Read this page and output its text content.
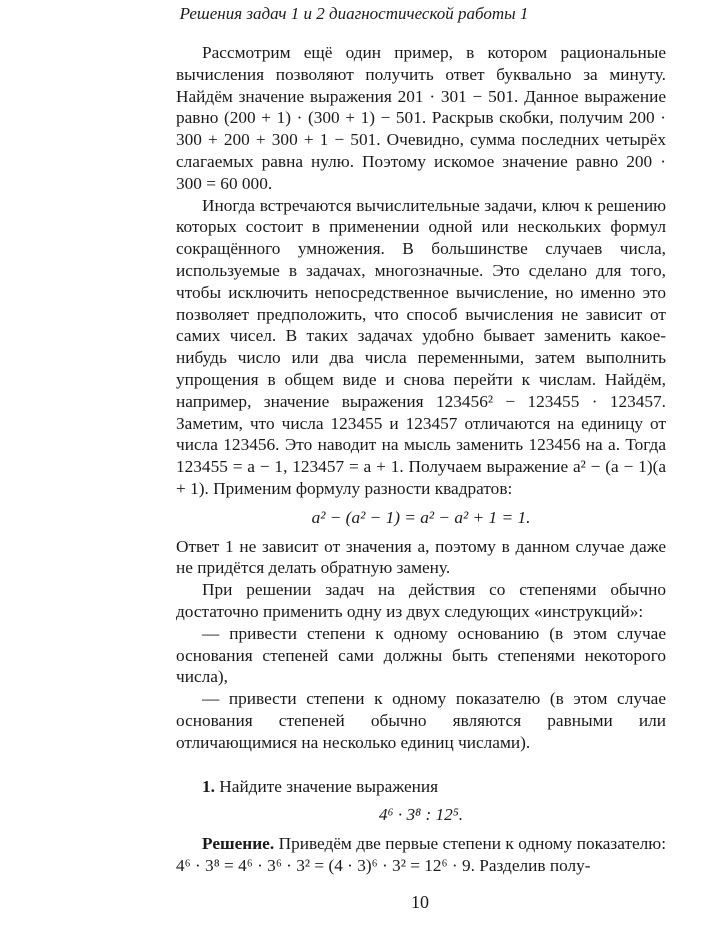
Решения задач 1 и 2 диагностической работы 1

Рассмотрим ещё один пример, в котором рациональные вычисления позволяют получить ответ буквально за минуту. Найдём значение выражения 201 · 301 − 501. Данное выражение равно (200 + 1) · (300 + 1) − 501. Раскрыв скобки, получим 200 · 300 + 200 + 300 + 1 − 501. Очевидно, сумма последних четырёх слагаемых равна нулю. Поэтому искомое значение равно 200 · 300 = 60 000.

Иногда встречаются вычислительные задачи, ключ к решению которых состоит в применении одной или нескольких формул сокращённого умножения. В большинстве случаев числа, используемые в задачах, многозначные. Это сделано для того, чтобы исключить непосредственное вычисление, но именно это позволяет предположить, что способ вычисления не зависит от самих чисел. В таких задачах удобно бывает заменить какое-нибудь число или два числа переменными, затем выполнить упрощения в общем виде и снова перейти к числам. Найдём, например, значение выражения 123456² − 123455 · 123457. Заметим, что числа 123455 и 123457 отличаются на единицу от числа 123456. Это наводит на мысль заменить 123456 на a. Тогда 123455 = a − 1, 123457 = a + 1. Получаем выражение a² − (a − 1)(a + 1). Применим формулу разности квадратов:

a² − (a² − 1) = a² − a² + 1 = 1.

Ответ 1 не зависит от значения a, поэтому в данном случае даже не придётся делать обратную замену.

При решении задач на действия со степенями обычно достаточно применить одну из двух следующих «инструкций»:

— привести степени к одному основанию (в этом случае основания степеней сами должны быть степенями некоторого числа),

— привести степени к одному показателю (в этом случае основания степеней обычно являются равными или отличающимися на несколько единиц числами).

1. Найдите значение выражения

4⁶ · 3⁸ : 12⁵.

Решение. Приведём две первые степени к одному показателю: 4⁶ · 3⁸ = 4⁶ · 3⁶ · 3² = (4 · 3)⁶ · 3² = 12⁶ · 9. Разделив полу-

10
